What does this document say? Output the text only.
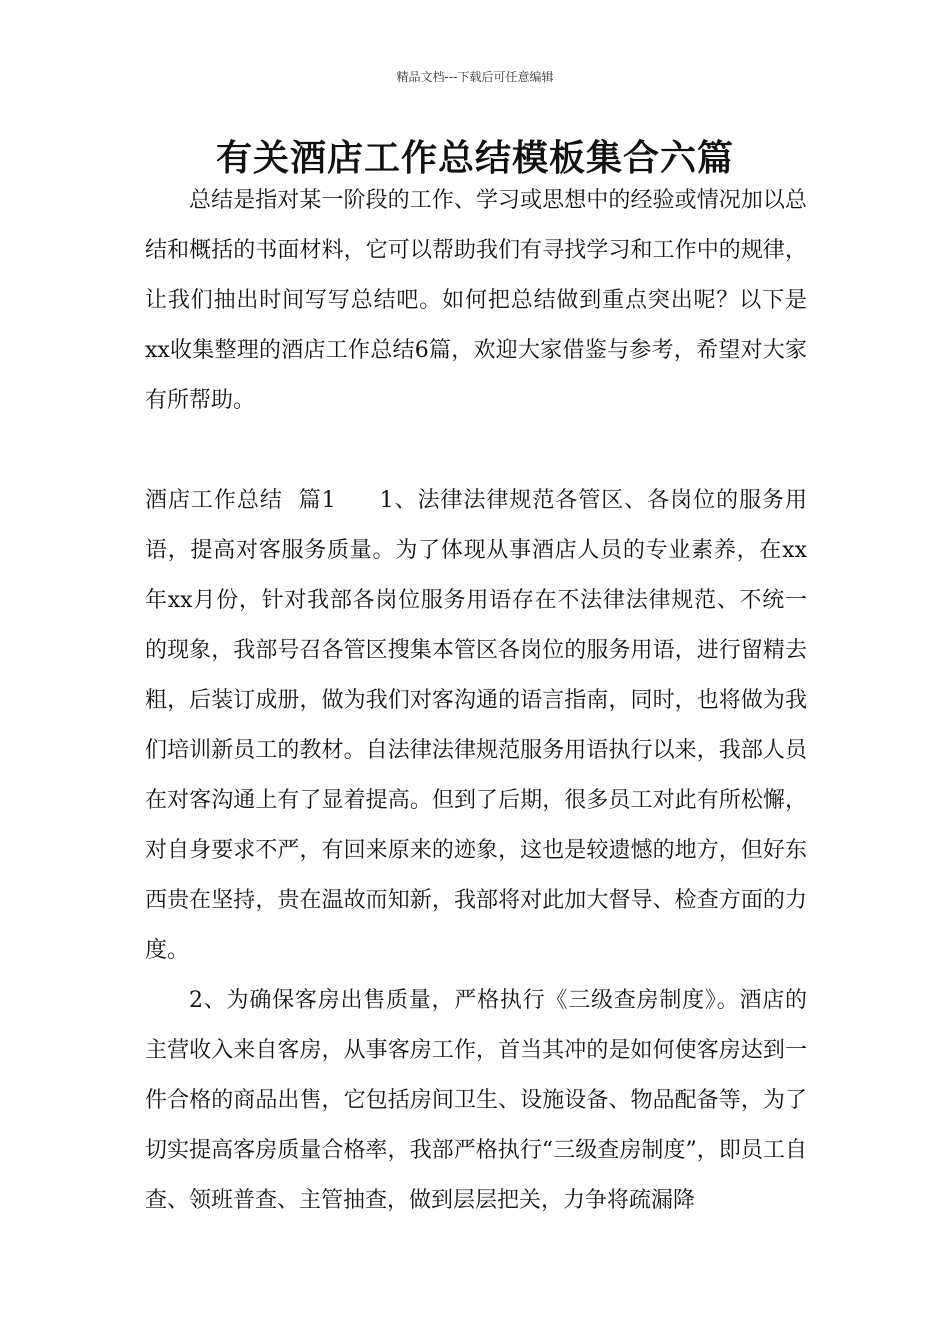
精品文档---下载后可任意编辑
有关酒店工作总结模板集合六篇

总结是指对某一阶段的工作、学习或思想中的经验或情况加以总结和概括的书面材料，它可以帮助我们有寻找学习和工作中的规律，让我们抽出时间写写总结吧。如何把总结做到重点突出呢？以下是xx收集整理的酒店工作总结6篇，欢迎大家借鉴与参考，希望对大家有所帮助。

酒店工作总结  篇1   1、法律法律规范各管区、各岗位的服务用语，提高对客服务质量。为了体现从事酒店人员的专业素养，在xx年xx月份，针对我部各岗位服务用语存在不法律法律规范、不统一的现象，我部号召各管区搜集本管区各岗位的服务用语，进行留精去粗，后装订成册，做为我们对客沟通的语言指南，同时，也将做为我们培训新员工的教材。自法律法律规范服务用语执行以来，我部人员在对客沟通上有了显着提高。但到了后期，很多员工对此有所松懈，对自身要求不严，有回来原来的迹象，这也是较遗憾的地方，但好东西贵在坚持，贵在温故而知新，我部将对此加大督导、检查方面的力度。

2、为确保客房出售质量，严格执行《三级查房制度》。酒店的主营收入来自客房，从事客房工作，首当其冲的是如何使客房达到一件合格的商品出售，它包括房间卫生、设施设备、物品配备等，为了切实提高客房质量合格率，我部严格执行“三级查房制度”，即员工自查、领班普查、主管抽查，做到层层把关，力争将疏漏降
